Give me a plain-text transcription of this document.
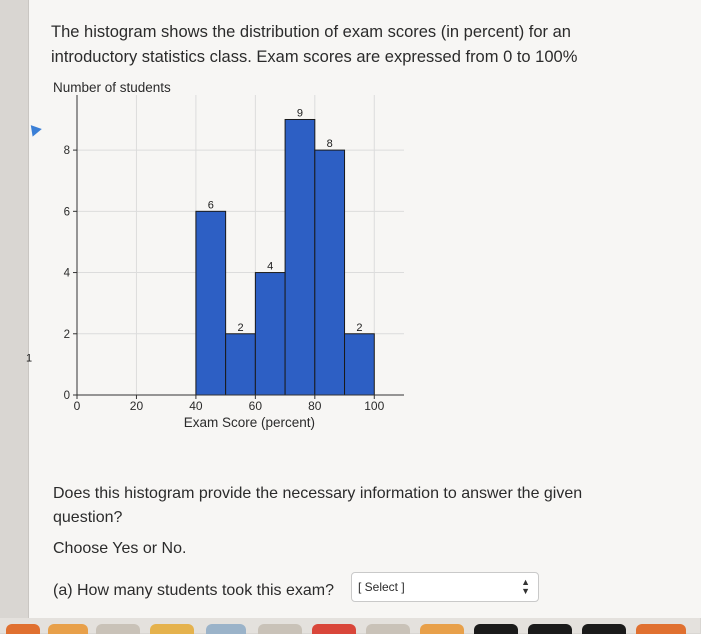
The histogram shows the distribution of exam scores (in percent) for an introductory statistics class. Exam scores are expressed from 0 to 100%
Number of students
6
2
4
9
8
2
1
0
2
4
6
8
0	20	40	60	80	100
Exam Score (percent)
Does this histogram provide the necessary information to answer the given question?
Choose Yes or No.
(a) How many students took this exam? [ Select ]	▲
▼
